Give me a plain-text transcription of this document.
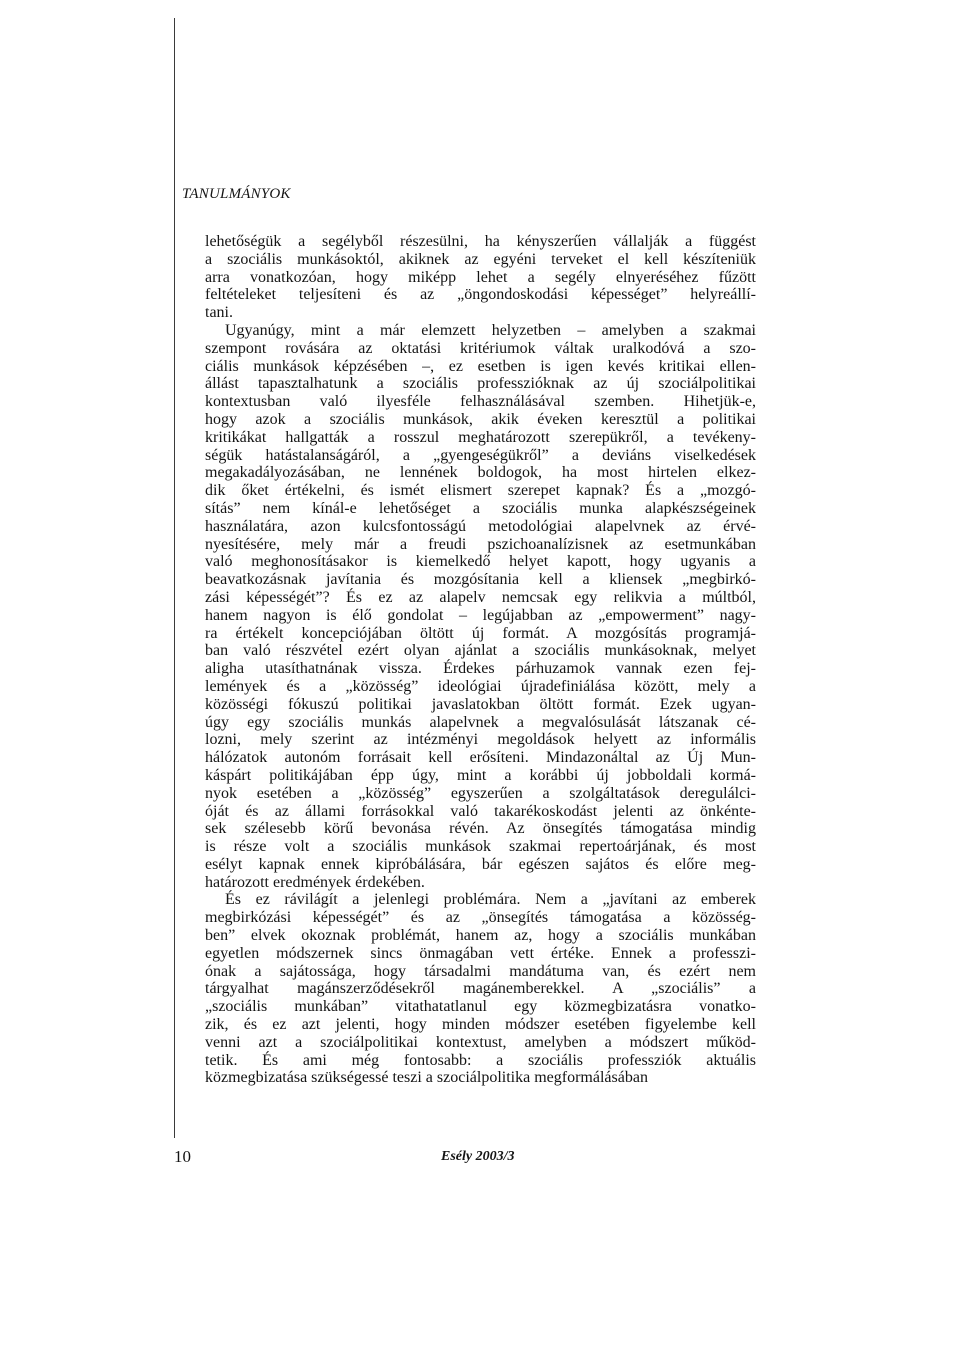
TANULMÁNYOK
lehetőségük a segélyből részesülni, ha kényszerűen vállalják a függést
a szociális munkásoktól, akiknek az egyéni terveket el kell készíteniük
arra vonatkozóan, hogy miképp lehet a segély elnyeréséhez fűzött
feltételeket teljesíteni és az „öngondoskodási képességet” helyreállí-
tani.
Ugyanúgy, mint a már elemzett helyzetben – amelyben a szakmai
szempont rovására az oktatási kritériumok váltak uralkodóvá a szo-
ciális munkások képzésében –, ez esetben is igen kevés kritikai ellen-
állást tapasztalhatunk a szociális professzióknak az új szociálpolitikai
kontextusban való ilyesféle felhasználásával szemben. Hihetjük-e,
hogy azok a szociális munkások, akik éveken keresztül a politikai
kritikákat hallgatták a rosszul meghatározott szerepükről, a tevékeny-
ségük hatástalanságáról, a „gyengeségükről” a deviáns viselkedések
megakadályozásában, ne lennének boldogok, ha most hirtelen elkez-
dik őket értékelni, és ismét elismert szerepet kapnak? És a „mozgó-
sítás” nem kínál-e lehetőséget a szociális munka alapkészségeinek
használatára, azon kulcsfontosságú metodológiai alapelvnek az érvé-
nyesítésére, mely már a freudi pszichoanalízisnek az esetmunkában
való meghonosításakor is kiemelkedő helyet kapott, hogy ugyanis a
beavatkozásnak javítania és mozgósítania kell a kliensek „megbirkó-
zási képességét”? És ez az alapelv nemcsak egy relikvia a múltból,
hanem nagyon is élő gondolat – legújabban az „empowerment” nagy-
ra értékelt koncepciójában öltött új formát. A mozgósítás programjá-
ban való részvétel ezért olyan ajánlat a szociális munkásoknak, melyet
aligha utasíthatnának vissza. Érdekes párhuzamok vannak ezen fej-
lemények és a „közösség” ideológiai újradefiniálása között, mely a
közösségi fókuszú politikai javaslatokban öltött formát. Ezek ugyan-
úgy egy szociális munkás alapelvnek a megvalósulását látszanak cé-
lozni, mely szerint az intézményi megoldások helyett az informális
hálózatok autonóm forrásait kell erősíteni. Mindazonáltal az Új Mun-
káspárt politikájában épp úgy, mint a korábbi új jobboldali kormá-
nyok esetében a „közösség” egyszerűen a szolgáltatások deregulálci-
óját és az állami forrásokkal való takarékoskodást jelenti az önkénte-
sek szélesebb körű bevonása révén. Az önsegítés támogatása mindig
is része volt a szociális munkások szakmai repertoárjának, és most
esélyt kapnak ennek kipróbálására, bár egészen sajátos és előre meg-
határozott eredmények érdekében.
És ez rávilágít a jelenlegi problémára. Nem a „javítani az emberek
megbirkózási képességét” és az „önsegítés támogatása a közösség-
ben” elvek okoznak problémát, hanem az, hogy a szociális munkában
egyetlen módszernek sincs önmagában vett értéke. Ennek a professzi-
ónak a sajátossága, hogy társadalmi mandátuma van, és ezért nem
tárgyalhat magánszerződésekről magánemberekkel. A „szociális” a
„szociális munkában” vitathatatlanul egy közmegbizatásra vonatko-
zik, és ez azt jelenti, hogy minden módszer esetében figyelembe kell
venni azt a szociálpolitikai kontextust, amelyben a módszert működ-
tetik. És ami még fontosabb: a szociális professziók aktuális
közmegbizatása szükségessé teszi a szociálpolitika megformálásában
10	Esély 2003/3
